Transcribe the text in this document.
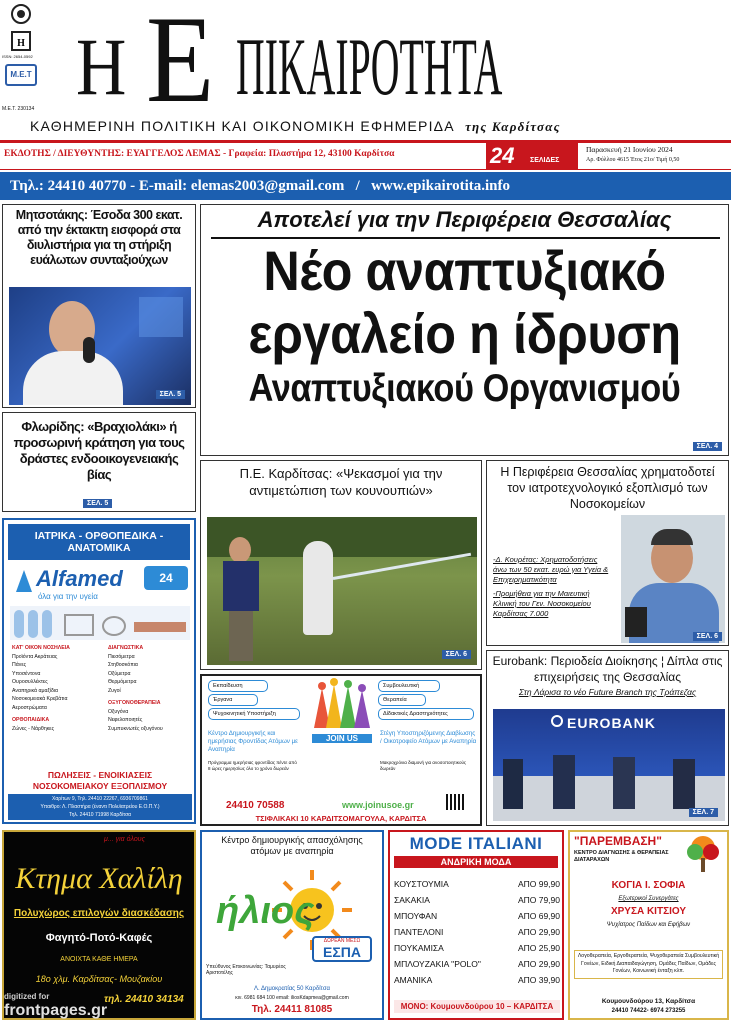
Η
ISSN: 2654-0592
Μ.Ε.Τ
Μ.Ε.Τ. 230134 Η Ε ΠΙΚΑΙΡΟΤΗΤΑ
ΚΑΘΗΜΕΡΙΝΗ ΠΟΛΙΤΙΚΗ ΚΑΙ ΟΙΚΟΝΟΜΙΚΗ ΕΦΗΜΕΡΙΔΑ της Καρδίτσας
ΕΚΔΟΤΗΣ / ΔΙΕΥΘΥΝΤΗΣ: ΕΥΑΓΓΕΛΟΣ ΛΕΜΑΣ - Γραφεία: Πλαστήρα 12, 43100 Καρδίτσα	24 ΣΕΛΙΔΕΣ
Παρασκευή 21 Ιουνίου 2024
Αρ. Φύλλου 4615 Έτος 21ο/ Τιμή 0,50
Τηλ.: 24410 40770 - E-mail: elemas2003@gmail.com   /   www.epikairotita.info
Μητσοτάκης: Έσοδα 300 εκατ. από την έκτακτη εισφορά στα διυλιστήρια για τη στήριξη ευάλωτων συνταξιούχων
ΣΕΛ. 5
Φλωρίδης: «Βραχιολάκι» ή προσωρινή κράτηση για τους δράστες ενδοοικογενειακής βίας
ΣΕΛ. 5
ΙΑΤΡΙΚΑ - ΟΡΘΟΠΕΔΙΚΑ - ΑΝΑΤΟΜΙΚΑ
Alfamed
όλα για την υγεία
24
ΚΑΤ' ΟΙΚΟΝ ΝΟΣΗΛΕΙΑ
Προϊόντα Ακράτειας
Πάνες
Υποσέντονα
Ουροσυλλέκτες
Αναπηρικά αμαξίδια
Νοσοκομειακά Κρεβάτια
Αεροστρώματα
ΟΡΘΟΠΑΙΔΙΚΑ
Ζώνες - Νάρθηκες
ΔΙΑΓΝΩΣΤΙΚΑ
Πιεσόμετρα
Στηθοσκόπια
Οξύμετρα
Θερμόμετρα
Ζυγοί
ΟΞΥΓΟΝΟΘΕΡΑΠΕΙΑ
Οξυγόνα
Νεφελοποιητές
Συμπυκνωτές οξυγόνου
ΠΩΛΗΣΕΙΣ - ΕΝΟΙΚΙΑΣΕΙΣ
ΝΟΣΟΚΟΜΕΙΑΚΟΥ ΕΞΟΠΛΙΣΜΟΥ
Χαρίτων 9, Τηλ. 24410 22267, 6936709861
Υπαιθρο: Λ. Πλαστήρα (έναντι Πολυϊατρείου Ε.Ο.Π.Υ.)
Τηλ. 24410 71998 Καρδίτσα
Αποτελεί για την Περιφέρεια Θεσσαλίας
Νέο αναπτυξιακό
εργαλείο η ίδρυση
Αναπτυξιακού Οργανισμού
ΣΕΛ. 4
Π.Ε. Καρδίτσας: «Ψεκασμοί για την αντιμετώπιση των κουνουπιών»
ΣΕΛ. 6
Η Περιφέρεια Θεσσαλίας χρηματοδοτεί τον ιατροτεχνολογικό εξοπλισμό των Νοσοκομείων
-Δ. Κουρέτας: Χρηματοδοτήσεις άνω των 50 εκατ. ευρώ για Υγεία & Επιχειρηματικότητα
-Προμήθεια για την Μαιευτική Κλινική του Γεν. Νοσοκομείου Καρδίτσας 7.000
ΣΕΛ. 6
Eurobank: Περιοδεία Διοίκησης ¦ Δίπλα στις επιχειρήσεις της Θεσσαλίας
Στη Λάρισα το νέο Future Branch της Τράπεζας
EUROBANK
ΣΕΛ. 7
Εκπαίδευση
Έργανα
Ψυχοκινητική Υποστήριξη
Συμβουλευτική
Θεραπεία
Δίδακτικές Δραστηριότητες
JOIN US
Κέντρο Δημιουργικής και ημερήσιας Φροντίδας Ατόμων με Αναπηρία
Πρόγραμμα ημερήσιας φροντίδας πέντε από 8 ώρες ημερησίως όλο το χρόνο δωρεάν
Στέγη Υποστηριζόμενης Διαβίωσης / Οικοτροφείο Ατόμων με Αναπηρία
Μακροχρόνια διαμονή για ανοσοποιητικούς δωρεάν
24410 70588	www.joinusoe.gr
ΤΣΙΦΛΙΚΑΚΙ 10 ΚΑΡΔΙΤΣΟΜΑΓΟΥΛΑ, ΚΑΡΔΙΤΣΑ
μ... για όλους
Κτημα Χαλίλη
Πολυχώρος επιλογών διασκέδασης
Φαγητό-Ποτό-Καφές
ΑΝΟΙΧΤΑ ΚΑΘΕ ΗΜΕΡΑ
18ο χλμ. Καρδίτσας- Μουζακίου
τηλ. 24410 34134
Κέντρο δημιουργικής απασχόλησης ατόμων με αναπηρία
ήλιος
ΔΩΡΕΑΝ ΜΕΣΩ
ΕΣΠΑ
Υπεύθυνος Επικοινωνίας: Ταμυρέος Αριστοτέλης
Λ. Δημοκρατίας 50 Καρδίτσα
κιν. 6981 684 100 email: iliosKdapmea@gmail.com
Τηλ. 24411 81085
MODE ITALIANI
ΑΝΔΡΙΚΗ ΜΟΔΑ
ΚΟΥΣΤΟΥΜΙΑ	ΑΠΟ 99,90
ΣΑΚΑΚΙΑ	ΑΠΟ 79,90
ΜΠΟΥΦΑΝ	ΑΠΟ 69,90
ΠΑΝΤΕΛΟΝΙ	ΑΠΟ 29,90
ΠΟΥΚΑΜΙΣΑ	ΑΠΟ 25,90
ΜΠΛΟΥΖΑΚΙΑ "POLO"	ΑΠΟ 29,90
ΑΜΑΝΙΚΑ	ΑΠΟ 39,90
ΜΟΝΟ: Κουμουνδούρου 10 – ΚΑΡΔΙΤΣΑ
"ΠΑΡΕΜΒΑΣΗ"
ΚΕΝΤΡΟ ΔΙΑΓΝΩΣΗΣ & ΘΕΡΑΠΕΙΑΣ ΔΙΑΤΑΡΑΧΩΝ
ΚΟΓΙΑ Ι. ΣΟΦΙΑ
Εξωτερικοί Συνεργάτες
ΧΡΥΣΑ ΚΙΤΣΙΟΥ
Ψυχίατρος Παίδων και Εφήβων
Λογοθεραπεία, Εργοθεραπεία, Ψυχοθεραπεία Συμβουλευτική Γονέων, Ειδική Διαπαιδαγώγηση, Ομάδες Παίδων, Ομάδες Γονέων, Κοινωνική ένταξη κλπ.
Κουμουνδούρου 13, Καρδίτσα
24410 74422- 6974 273255
digitized for
frontpages.gr
